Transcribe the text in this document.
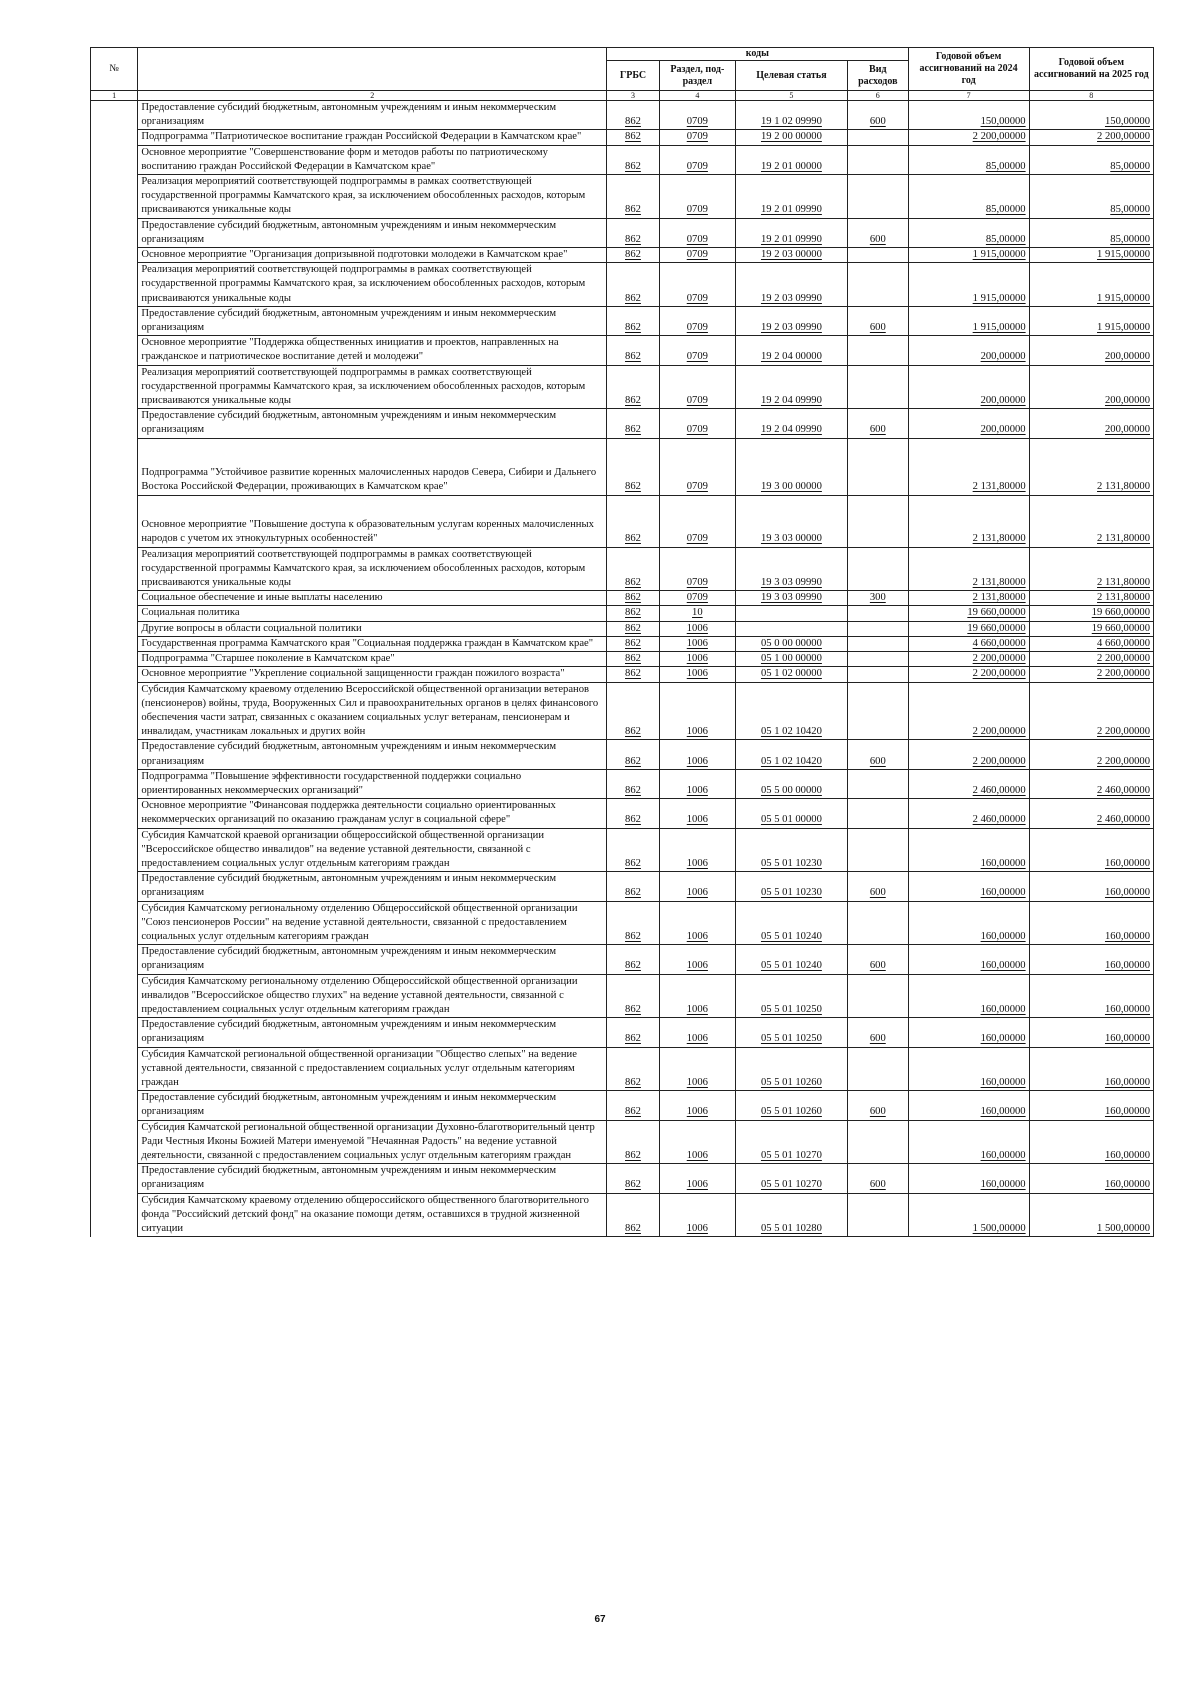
№		коды				Годовой объем ассигнований на 2024 год	Годовой объем ассигнований на 2025 год
		ГРБС	Раздел, под-раздел	Целевая статья	Вид расходов		
1	2	3	4	5	6	7	8
	Предоставление субсидий бюджетным, автономным учреждениям и иным некоммерческим организациям	862	0709	19 1 02 09990	600	150,00000	150,00000
	Подпрограмма "Патриотическое воспитание граждан Российской Федерации в Камчатском крае"	862	0709	19 2 00 00000		2 200,00000	2 200,00000
	Основное мероприятие "Совершенствование форм и методов работы по патриотическому воспитанию граждан Российской Федерации в Камчатском крае"	862	0709	19 2 01 00000		85,00000	85,00000
	Реализация мероприятий соответствующей подпрограммы в рамках соответствующей государственной программы Камчатского края, за исключением обособленных расходов, которым присваиваются уникальные коды	862	0709	19 2 01 09990		85,00000	85,00000
	Предоставление субсидий бюджетным, автономным учреждениям и иным некоммерческим организациям	862	0709	19 2 01 09990	600	85,00000	85,00000
	Основное мероприятие "Организация допризывной подготовки молодежи в Камчатском крае"	862	0709	19 2 03 00000		1 915,00000	1 915,00000
	Реализация мероприятий соответствующей подпрограммы в рамках соответствующей государственной программы Камчатского края, за исключением обособленных расходов, которым присваиваются уникальные коды	862	0709	19 2 03 09990		1 915,00000	1 915,00000
	Предоставление субсидий бюджетным, автономным учреждениям и иным некоммерческим организациям	862	0709	19 2 03 09990	600	1 915,00000	1 915,00000
	Основное мероприятие "Поддержка общественных инициатив и проектов, направленных на гражданское и патриотическое воспитание детей и молодежи"	862	0709	19 2 04 00000		200,00000	200,00000
	Реализация мероприятий соответствующей подпрограммы в рамках соответствующей государственной программы Камчатского края, за исключением обособленных расходов, которым присваиваются уникальные коды	862	0709	19 2 04 09990		200,00000	200,00000
	Предоставление субсидий бюджетным, автономным учреждениям и иным некоммерческим организациям	862	0709	19 2 04 09990	600	200,00000	200,00000
	Подпрограмма "Устойчивое развитие коренных малочисленных народов Севера, Сибири и Дальнего Востока Российской Федерации, проживающих в Камчатском крае"	862	0709	19 3 00 00000		2 131,80000	2 131,80000
	Основное мероприятие "Повышение доступа к образовательным услугам коренных малочисленных народов с учетом их этнокультурных особенностей"	862	0709	19 3 03 00000		2 131,80000	2 131,80000
	Реализация мероприятий соответствующей подпрограммы в рамках соответствующей государственной программы Камчатского края, за исключением обособленных расходов, которым присваиваются уникальные коды	862	0709	19 3 03 09990		2 131,80000	2 131,80000
	Социальное обеспечение и иные выплаты населению	862	0709	19 3 03 09990	300	2 131,80000	2 131,80000
	Социальная политика	862	10			19 660,00000	19 660,00000
	Другие вопросы в области социальной политики	862	1006			19 660,00000	19 660,00000
	Государственная программа Камчатского края "Социальная поддержка граждан в Камчатском крае"	862	1006	05 0 00 00000		4 660,00000	4 660,00000
	Подпрограмма "Старшее поколение в Камчатском крае"	862	1006	05 1 00 00000		2 200,00000	2 200,00000
	Основное мероприятие "Укрепление социальной защищенности граждан пожилого возраста"	862	1006	05 1 02 00000		2 200,00000	2 200,00000
	Субсидия Камчатскому краевому отделению Всероссийской общественной организации ветеранов (пенсионеров) войны, труда, Вооруженных Сил и правоохранительных органов в целях финансового обеспечения части затрат, связанных с оказанием социальных услуг ветеранам, пенсионерам и инвалидам, участникам локальных и других войн	862	1006	05 1 02 10420		2 200,00000	2 200,00000
	Предоставление субсидий бюджетным, автономным учреждениям и иным некоммерческим организациям	862	1006	05 1 02 10420	600	2 200,00000	2 200,00000
	Подпрограмма "Повышение эффективности государственной поддержки социально ориентированных некоммерческих организаций"	862	1006	05 5 00 00000		2 460,00000	2 460,00000
	Основное мероприятие "Финансовая поддержка деятельности социально ориентированных некоммерческих организаций по оказанию гражданам услуг в социальной сфере"	862	1006	05 5 01 00000		2 460,00000	2 460,00000
	Субсидия Камчатской краевой организации общероссийской общественной организации "Всероссийское общество инвалидов" на ведение уставной деятельности, связанной с предоставлением социальных услуг отдельным категориям граждан	862	1006	05 5 01 10230		160,00000	160,00000
	Предоставление субсидий бюджетным, автономным учреждениям и иным некоммерческим организациям	862	1006	05 5 01 10230	600	160,00000	160,00000
	Субсидия Камчатскому региональному отделению Общероссийской общественной организации "Союз пенсионеров России" на ведение уставной деятельности, связанной с предоставлением социальных услуг отдельным категориям граждан	862	1006	05 5 01 10240		160,00000	160,00000
	Предоставление субсидий бюджетным, автономным учреждениям и иным некоммерческим организациям	862	1006	05 5 01 10240	600	160,00000	160,00000
	Субсидия Камчатскому региональному отделению Общероссийской общественной организации инвалидов "Всероссийское общество глухих" на ведение уставной деятельности, связанной с предоставлением социальных услуг отдельным категориям граждан	862	1006	05 5 01 10250		160,00000	160,00000
	Предоставление субсидий бюджетным, автономным учреждениям и иным некоммерческим организациям	862	1006	05 5 01 10250	600	160,00000	160,00000
	Субсидия Камчатской региональной общественной организации "Общество слепых" на ведение уставной деятельности, связанной с предоставлением социальных услуг отдельным категориям граждан	862	1006	05 5 01 10260		160,00000	160,00000
	Предоставление субсидий бюджетным, автономным учреждениям и иным некоммерческим организациям	862	1006	05 5 01 10260	600	160,00000	160,00000
	Субсидия Камчатской региональной общественной организации Духовно-благотворительный центр Ради Честныя Иконы Божией Матери именуемой "Нечаянная Радость" на ведение уставной деятельности, связанной с предоставлением социальных услуг отдельным категориям граждан	862	1006	05 5 01 10270		160,00000	160,00000
	Предоставление субсидий бюджетным, автономным учреждениям и иным некоммерческим организациям	862	1006	05 5 01 10270	600	160,00000	160,00000
	Субсидия Камчатскому краевому отделению общероссийского общественного благотворительного фонда "Российский детский фонд" на оказание помощи детям, оставшихся в трудной жизненной ситуации	862	1006	05 5 01 10280		1 500,00000	1 500,00000
67
